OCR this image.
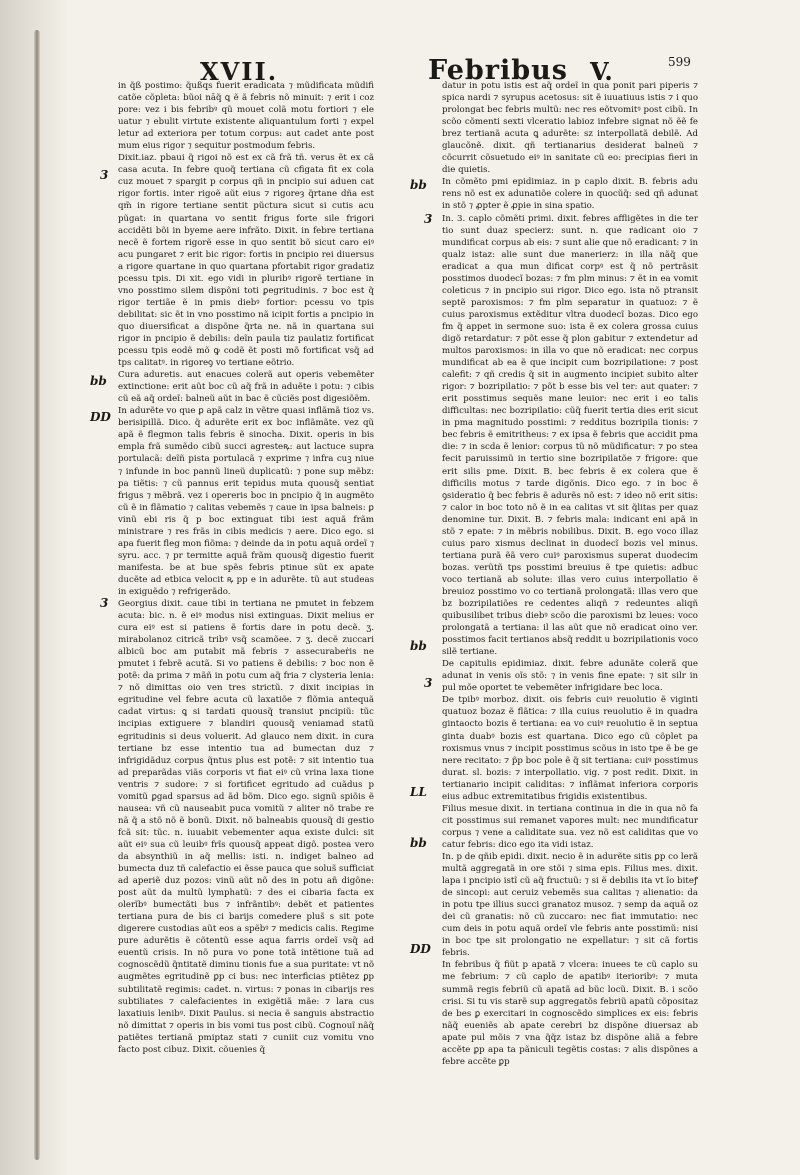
XVII.	Febribus V.	599
3
bb
DD
3
bb
3
bb
3
LL
bb
DD

in q̃ß postimo: q̃ußqs fuerit eradicata ⁊ mũdificata mũdifi catõe cõpleta: bũoi nāq̃ ꝗ ẽ ã febris nõ minuit: ⁊ erit i coz pore: vez i bis febribꝰ qũ mouet colã motu fortiori ⁊ ele uatur ⁊ ebulit virtute existente aliquantulum forti ⁊ expel letur ad exteriora per totum corpus: aut cadet ante post mum eius rigor ⁊ sequitur postmodum febris.

Dixit.iaz. pbaui q̃ rigoi nõ est ex cã frã tñ. verus ẽt ex cã casa acuta. In febre quoq̃ tertiana cũ cfigata fit ex cola cuz mouet ⁊ spargit p corpus qñ in pncipio sui aduen cat rigor fortis. inter rigoẽ aũt eius ⁊ rigoreȝ q̃rtane dña est qm̃ in rigore tertiane sentit pũctura sicut si cutis acu pũgat: in quartana vo sentit frigus forte sile frigori accidẽti bõi in byeme aere infrãto. Dixit. in febre tertiana necẽ ẽ fortem rigorẽ esse in quo sentit bõ sicut caro eiꝰ acu pungaret ⁊ erit bic rigor: fortis in pncipio rei diuersus a rigore quartane in quo quartana pfortabit rigor gradatiz pcessu tpis. Di xit. ego vidi in pluribꝰ rigorẽ tertiane in vno posstimo silem dispõni toti ꝑegritudinis. ⁊ boc est q̃ rigor tertiãe ẽ in pmis diebꝰ fortior: pcessu vo tpis debilitat: sic ẽt in vno posstimo nã icipit fortis a pncipio in quo diuersificat a dispõne q̃rta ne. nã in quartana sui rigor in pncipio ẽ debilis: deĩn paula tiz paulatiz fortificat pcessu tpis eodẽ mõ ꝙ codẽ ẽt posti mõ fortificat vsq̃ ad tps calitatꝰ. in rigoreꝯ vo tertiane eõtrio.

Cura aduretis. aut enacues colerã aut operis vebemẽter extinctione: erit aũt boc cũ aq̃ frã in aduẽte i potu: ⁊ cibis cũ eã aq̃ ordeĩ: balneũ aũt in bac ẽ cũciẽs post digesiõẽm.

In adurẽte vo que ꝑ apã calz in vẽtre quasi inflãmã tioz vs. berisipillã. Dico. q̃ adurẽte erit ex boc inflãmãte. vez qũ apã ẽ flegmon talis febris ẽ sinocha. Dixit. operis in bis empla frã sumẽdo cibũ succi agresteꝶ: aut lactuce supra portulacã: deĩñ pista portulacã ⁊ exprime ⁊ infra cuꝫ niue ⁊ infunde in boc pannũ lineũ duplicatũ: ⁊ pone sup mẽbz: pa tiẽtis: ⁊ cũ pannus erit tepidus muta quousq̃ sentiat frigus ⁊ mẽbrã. vez i opereris boc in pncipio q̃ in augmẽto cũ ẽ in flãmatio ⁊ calitas vebemẽs ⁊ caue in ipsa balneis: ꝑ vinũ ebi ris q̃ p boc extinguat tibi iest aquã frãm ministrare ⁊ res frãs in cibis medicis ⁊ aere. Dico ego. si apa fuerit fleg mon fiõma: ⁊ deinde da in potu aquã ordeĩ ⁊ syru. acc. ⁊ pr termitte aquã frãm quousq̃ digestio fuerit manifesta. be at bue spẽs febris ptinue sũt ex apate ducẽte ad etbica velocit ꝶ pp e in adurẽte. tũ aut studeas in exiguẽdo ⁊ refrigerãdo.

Georgius dixit. caue tibi in tertiana ne pmutet in febzem acuta: bic. n. ẽ eiꝰ modus nisi extinguas. Dixit melius er cura eiꝰ est si patiens ẽ fortis dare in potu decẽ. ʒ. mirabolanoz citricã tribꝰ vsq̃ scamõee. ⁊ ʒ. decẽ zuccari albicũ boc am putabit mã febris ⁊ assecurabeṙis ne pmutet i febrẽ acutã. Si vo patiens ẽ debilis: ⁊ boc non ẽ potẽ: da prima ⁊ mãñ in potu cum aq̃ fria ⁊ clysteria lenia: ⁊ nõ dimittas oio ven tres strictũ. ⁊ dixit incipias in egritudine vel febre acuta cũ laxatiõe ⁊ flõmia antequã cadat virtus: ꝗ si tardati quousq̃ transiut pncipiũ: tũc incipias extiguere ⁊ blandiri quousq̃ veniamad statũ egritudinis si deus voluerit. Ad glauco nem dixit. in cura tertiane bz esse intentio tua ad bumectan duz ⁊ infrigidãduz corpus q̃ntus plus est potẽ: ⁊ sit intentio tua ad preparãdas viãs corporis vt fiat eiꝰ cũ vrina laxa tione ventris ⁊ sudore: ⁊ si fortificet egritudo ad cuãdus p vomitũ ꝑgad sparsus ad ãd bõm. Dico ego. signũ spiõis ẽ nausea: vñ cũ nauseabit puca vomitũ ⁊ aliter nõ trabe re nã q̃ a stõ nõ ẽ bonũ. Dixit. nõ balneabis quousq̃ di gestio fcã sit: tũc. n. iuuabit vebementer aqua existe dulci: sit aũt eiꝰ sua cũ leuibꝰ frĩs quousq̃ appeat digõ. postea vero da absynthiũ in aq̃ mellis: isti. n. indiget balneo ad bumecta duz tñ calefactio ei ẽsse pauca que solus̃ sufficiat ad aperiẽ duz pozos: vinũ aũt nõ des in potu añ digõne: post aũt da multũ lymphatũ: ⁊ des ei cibaria facta ex olerĩbꝰ bumectãti bus ⁊ infrãntibꝰ: debẽt et patientes tertiana pura de bis ci barijs comedere plus̃ s sit pote digerere custodias aũt eos a spẽbꝰ ⁊ medicis calis. Regime pure adurẽtis ẽ cõtentũ esse aqua farris ordeĩ vsq̃ ad euentũ crisis. In nõ pura vo pone totã intẽtione tuã ad cognoscẽdũ q̃ntitatẽ diminu tionis fue a sua puritate: vt nõ augmẽtes egritudinẽ ꝑp ci bus: nec interficias ptiẽtez ꝑp subtilitatẽ regimis: cadet. n. virtus: ⁊ ponas in cibarijs res subtiliates ⁊ calefacientes in exigẽtiã mãe: ⁊ lara cus laxatiuis lenibꝰ. Dixit Paulus. si necia ẽ sanguis abstractio nõ dimittat ⁊ operis in bis vomi tus post cibũ. Cognouĩ nãq̃ patiẽtes tertianã pmiptaz stati ⁊ cuniit cuz vomitu vno facto post cibuz. Dixit. cõuenies q̃

datur in potu istis est aq̃ ordeĩ in qua ponit pari piperis ⁊ spica nardi ⁊ syrupus acetosus: sit ẽ iuuatiuus istis ⁊ i quo prolongat bec febris multũ: nec res eõtvomitꝰ post cibũ. In scõo cõmenti sexti vlceratio labioz infebre signat nõ ẽẽ fe brez tertianã acuta ꝗ adurẽte: sz interpollatã debilẽ. Ad glaucõnẽ. dixit. qñ tertianarius desiderat balneũ ⁊ cõcurrit cõsuetudo eiꝰ in sanitate cũ eo: precipias fieri in die quietis.

In cõmẽto pmi epidimiaz. in p caplo dixit. B. febris adu rens nõ est ex adunatiõe colere in quocũq̃: sed qñ adunat in stõ ⁊ ꝓpter ẽ ꝓpie in sina spatio.

In. 3. caplo cõmẽti primi. dixit. febres affligẽtes in die ter tio sunt duaz specierz: sunt. n. que radicant oio ⁊ mundificat corpus ab eis: ⁊ sunt alie que nõ eradicant: ⁊ in qualz istaz: alie sunt due manerierz: in illa nãq̃ que eradicat a qua mun dificat corpꝰ est q̃ nõ pertrãsit posstimos duodecĩ bozas: ⁊ fm plm minus: ⁊ ẽt in ea vomit coleticus ⁊ in pncipio sui rigor. Dico ego. ista nõ ptransit septẽ paroxismos: ⁊ fm plm separatur in quatuoz: ⁊ ẽ cuius paroxismus extẽditur vltra duodecĩ bozas. Dico ego fm q̃ appet in sermone suo: ista ẽ ex colera grossa cuius digõ retardatur: ⁊ põt esse q̃ plon gabitur ⁊ extendetur ad multos paroxismos: in illa vo que nõ eradicat: nec corpus mundificat ab ea ẽ que incipit cum bozripilatione: ⁊ post calefit: ⁊ qñ credis q̃ sit in augmento incipiet subito alter rigor: ⁊ bozripilatio: ⁊ põt b esse bis vel ter: aut quater: ⁊ erit posstimus sequẽs mane leuior: nec erit i eo talis difficultas: nec bozripilatio: cũq̃ fuerit tertia dies erit sicut in pma magnitudo posstimi: ⁊ redditus bozripila tionis: ⁊ bec febris ẽ emitritheus: ⁊ ex ipsa ẽ febris que accidit pma die: ⁊ in scda ẽ lenior: corpus tũ nõ mũdificatur: ⁊ po stea fecit paruissimũ in tertio sine bozripilatõe ⁊ frigore: que erit silis pme. Dixit. B. bec febris ẽ ex colera que ẽ difficilis motus ⁊ tarde digõnis. Dico ego. ⁊ in boc ẽ ꝯsideratio q̃ bec febris ẽ adurẽs nõ est: ⁊ ideo nõ erit sitis: ⁊ calor in boc toto nõ ẽ in ea calitas vt sit q̃litas per quaz denomine tur. Dixit. B. ⁊ febris mala: indicant eni apã in stõ ⁊ epate: ⁊ in mẽbris nobilibus. Dixit. B. ego voco illaz cuius paro xismus declinat in duodecĩ bozis vel minus. tertiana purã ẽã vero cuiꝰ paroxismus superat duodecim bozas. verũtñ tps posstimi breuius ẽ tpe quietis: adbuc voco tertianã ab solute: illas vero cuius interpollatio ẽ breuioz posstimo vo co tertianã prolongatã: illas vero que bz bozripilatiões re cedentes aliqñ ⁊ redeuntes aliqñ quibusilibet tribus diebꝰ scõo die paroxismi bz leues: voco prolongatã a tertiana: il las aũt que nõ eradicat oino ver. posstimos facit tertianos absq̃ reddit u bozripilationis voco silẽ tertiane.

De capitulis epidimiaz. dixit. febre adunãte colerã que adunat in venis oĩs stõ: ⁊ in venis fine epate: ⁊ sit silr in pul mõe oportet te vebemẽter infrigidare bec loca.

De tpibꝰ morboz. dixit. ois febris cuiꝰ reuolutio ẽ viginti quatuoz bozaz ẽ flãtica: ⁊ illa cuius reuolutio ẽ in quadra gintaocto bozis ẽ tertiana: ea vo cuiꝰ reuolutio ẽ in septua ginta duabꝰ bozis est quartana. Dico ego cũ cõplet pa roxismus vnus ⁊ incipit posstimus scõus in isto tpe ẽ be ge nere recitato: ⁊ p̃p boc pole ẽ q̃ sit tertiana: cuiꝰ posstimus durat. sl. bozis: ⁊ interpollatio. vig. ⁊ post redit. Dixit. in tertianario incipit caliditas: ⁊ inflãmat inferiora corporis eius adbuc extremitatibus frigidis existentibus.

Filius mesue dixit. in tertiana continua in die in qua nõ fa cit posstimus sui remanet vapores mult: nec mundificatur corpus ⁊ vene a caliditate sua. vez nõ est caliditas que vo catur febris: dico ego ita vidi istaz.

In. p de qñib epidi. dixit. necio ẽ in adurẽte sitis ꝑp co lerã multã aggregatã in ore stõi ⁊ sima epis. Filius mes. dixit. lapa i pncipio istĩ cũ aq̃ fructuũ: ⁊ si ẽ debilis ita vt ĩo biteꝭ de sincopi: aut ceruiz vebemẽs sua calitas ⁊ alienatio: da in potu tpe illius succi granatoz musoz. ⁊ semp da aquã oz dei cũ granatis: nõ cũ zuccaro: nec fiat immutatio: nec cum deis in potu aquã ordeĩ vle febris ante posstimũ: nisi in boc tpe sit prolongatio ne expellatur: ⁊ sit cã fortis febris.

In febribus q̃ fiũt p apatã ⁊ vlcera: inuees te cũ caplo su me febrium: ⁊ cũ caplo de apatibꝰ iterioribꝰ: ⁊ muta summã regis febriũ cũ apatã ad bũc locũ. Dixit. B. i scõo crisi. Si tu vis starẽ sup aggregatõs febriũ apatũ cõpositaz de bes ꝑ exercitari in cognoscẽdo simplices ex eis: febris nãq̃ eueniẽs ab apate cerebri bz dispõne diuersaz ab apate pul mõis ⁊ vna q̃q̃z istaz bz dispõne aliã a febre accẽte ꝑp apa ta pãniculi tegẽtis costas: ⁊ alis dispõnes a febre accẽte ꝑp
